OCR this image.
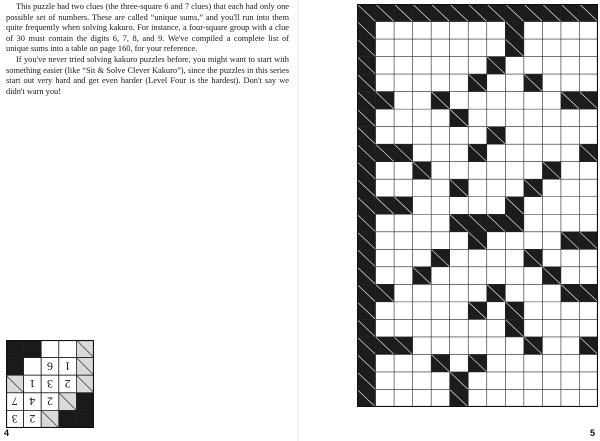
This puzzle had two clues (the three-square 6 and 7 clues) that each had only one possible set of numbers. These are called “unique sums,” and you'll run into them quite frequently when solving kakuro. For instance, a four-square group with a clue of 30 must contain the digits 6, 7, 8, and 9. We've compiled a complete list of unique sums into a table on page 160, for your reference.

If you've never tried solving kakuro puzzles before, you might want to start with something easier (like “Sit & Solve Clever Kakuro”), since the puzzles in this series start out very hard and get even harder (Level Four is the hardest). Don't say we didn't warn you!

6 1
1 3 2
7 4 2
3 2
4	5
